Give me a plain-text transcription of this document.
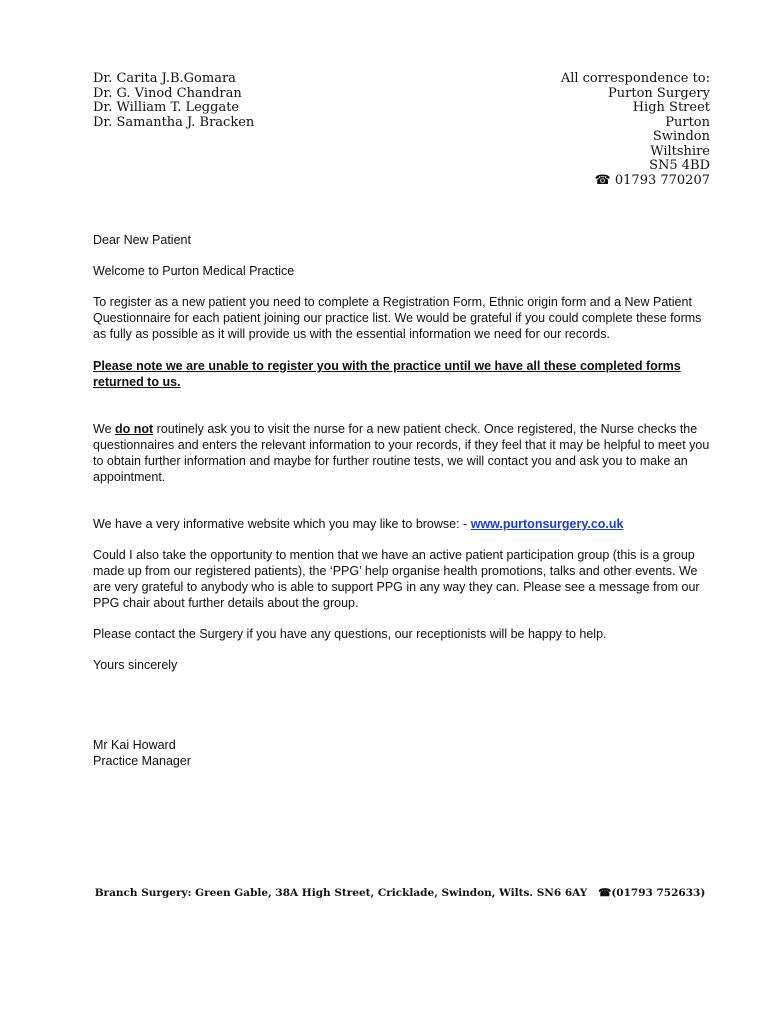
Dr. Carita J.B.Gomara
Dr. G. Vinod Chandran
Dr. William T. Leggate
Dr. Samantha J. Bracken
All correspondence to:
Purton Surgery
High Street
Purton
Swindon
Wiltshire
SN5 4BD
☎ 01793 770207

Dear New Patient

Welcome to Purton Medical Practice

To register as a new patient you need to complete a Registration Form, Ethnic origin form and a New Patient Questionnaire for each patient joining our practice list. We would be grateful if you could complete these forms as fully as possible as it will provide us with the essential information we need for our records.

Please note we are unable to register you with the practice until we have all these completed forms returned to us.

We do not routinely ask you to visit the nurse for a new patient check. Once registered, the Nurse checks the questionnaires and enters the relevant information to your records, if they feel that it may be helpful to meet you to obtain further information and maybe for further routine tests, we will contact you and ask you to make an appointment.

We have a very informative website which you may like to browse: - www.purtonsurgery.co.uk

Could I also take the opportunity to mention that we have an active patient participation group (this is a group made up from our registered patients), the ‘PPG’ help organise health promotions, talks and other events. We are very grateful to anybody who is able to support PPG in any way they can. Please see a message from our PPG chair about further details about the group.

Please contact the Surgery if you have any questions, our receptionists will be happy to help.

Yours sincerely

Mr Kai Howard

Practice Manager

Branch Surgery: Green Gable, 38A High Street, Cricklade, Swindon, Wilts. SN6 6AY ☎(01793 752633)
